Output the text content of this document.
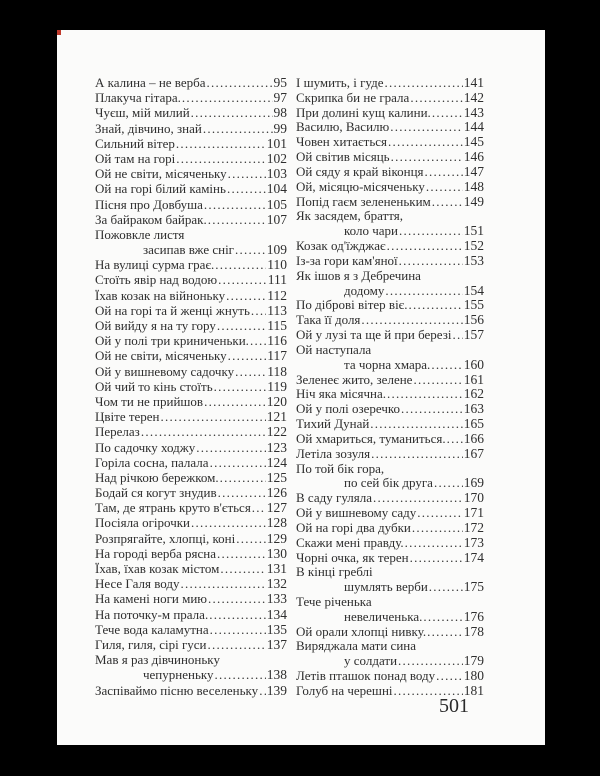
А калина – не верба . . .	95
Плакуча гітара. . . .	97
Чуєш, мій милий . . .	98
Знай, дівчино, знай . . .	99
Сильний вітер . . .	101
Ой там на горі . . .	102
Ой не світи, місяченьку . . .	103
Ой на горі білий камінь . . .	104
Пісня про Довбуша . . .	105
За байраком байрак. . . .	107
Пожовкле листя
засипав вже сніг . . . 109
На вулиці сурма грає. . . .	110
Стоїть явір над водою . . .	111
Їхав козак на війноньку . . .	112
Ой на горі та й женці жнуть . . . 113
Ой вийду я на ту гору . . .	115
Ой у полі три криниченьки. . . . 116
Ой не світи, місяченьку . . .	117
Ой у вишневому садочку . . . 118
Ой чий то кінь стоїть . . .	119
Чом ти не прийшов . . .	120
Цвіте терен . . .	121
Перелаз . . .	122
По садочку ходжу . . .	123
Горіла сосна, палала . . .	124
Над річкою бережком. . . .	125
Бодай ся когут знудив . . .	126
Там, де ятрань круто в'ється . . . 127
Посіяла огірочки . . .	128
Розпрягайте, хлопці, коні . . . 129
На городі верба рясна . . .	130
Їхав, їхав козак містом . . .	131
Несе Галя воду . . .	132
На камені ноги мию . . .	133
На поточку-м прала. . . .	134
Тече вода каламутна . . .	135
Гиля, гиля, сірі гуси . . .	137
Мав я раз дівчиноньку
чепурненьку . . .	138
Заспіваймо пісню веселеньку . . . 139
І шумить, і гуде . . .	141
Скрипка би не грала . . .	142
При долині кущ калини. . . . 143
Василю, Василю . . .	144
Човен хитається . . .	145
Ой світив місяць . . .	146
Ой сяду я край віконця . . .	147
Ой, місяцю-місяченьку . . .	148
Попід гаєм зелененьким . . . 149
Як засядем, браття,
коло чари . . .	151
Козак од'їжджає . . .	152
Із-за гори кам'яної . . .	153
Як ішов я з Дебречина
додому . . .	154
По діброві вітер віє. . . .	155
Така її доля . . .	156
Ой у лузі та ще й при березі . . . 157
Ой наступала
та чорна хмара. . . . 160
Зеленеє жито, зелене . . .	161
Ніч яка місячна. . . .	162
Ой у полі озеречко . . .	163
Тихий Дунай . . .	165
Ой хмариться, туманиться. . . . 166
Летіла зозуля . . .	167
По той бік гора,
по сей бік друга . . . 169
В саду гуляла . . .	170
Ой у вишневому саду . . .	171
Ой на горі два дубки . . .	172
Скажи мені правду. . . .	173
Чорні очка, як терен . . .	174
В кінці греблі
шумлять верби . . .	175
Тече річенька
невеличенька. . . .	176
Ой орали хлопці нивку. . . .	178
Виряджала мати сина
у солдати . . .	179
Летів пташок понад воду . . . 180
Голуб на черешні . . .	181
501
